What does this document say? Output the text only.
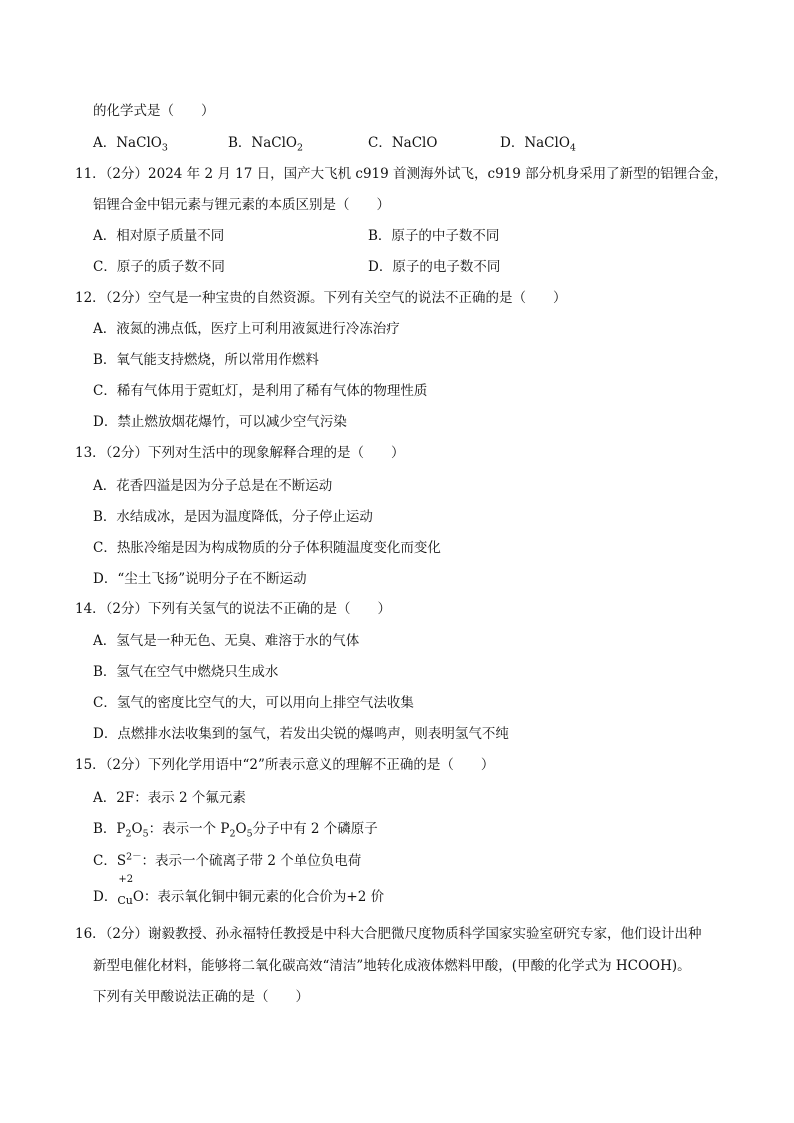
的化学式是（　　）
A．NaClO$_3$	B．NaClO$_2$	C．NaClO	D．NaClO$_4$
11．（2分）2024 年 2 月 17 日，国产大飞机 c919 首测海外试飞，c919 部分机身采用了新型的铝锂合金，
铝锂合金中铝元素与锂元素的本质区别是（　　）
A．相对原子质量不同	B．原子的中子数不同
C．原子的质子数不同	D．原子的电子数不同
12．（2分）空气是一种宝贵的自然资源。下列有关空气的说法不正确的是（　　）
A．液氮的沸点低，医疗上可利用液氮进行冷冻治疗
B．氧气能支持燃烧，所以常用作燃料
C．稀有气体用于霓虹灯，是利用了稀有气体的物理性质
D．禁止燃放烟花爆竹，可以减少空气污染
13．（2分）下列对生活中的现象解释合理的是（　　）
A．花香四溢是因为分子总是在不断运动
B．水结成冰，是因为温度降低，分子停止运动
C．热胀冷缩是因为构成物质的分子体积随温度变化而变化
D．“尘土飞扬”说明分子在不断运动
14．（2分）下列有关氢气的说法不正确的是（　　）
A．氢气是一种无色、无臭、难溶于水的气体
B．氢气在空气中燃烧只生成水
C．氢气的密度比空气的大，可以用向上排空气法收集
D．点燃排水法收集到的氢气，若发出尖锐的爆鸣声，则表明氢气不纯
15．（2分）下列化学用语中“2”所表示意义的理解不正确的是（　　）
A．2F：表示 2 个氟元素
B．$P_2O_5$：表示一个 $P_2O_5$分子中有 2 个磷原子
C．$S^{2-}$：表示一个硫离子带 2 个单位负电荷
D．
+2
$_{Cu}$O：表示氧化铜中铜元素的化合价为+2 价
16．（2分）谢毅教授、孙永福特任教授是中科大合肥微尺度物质科学国家实验室研究专家，他们设计出种
新型电催化材料，能够将二氧化碳高效“清洁”地转化成液体燃料甲酸，(甲酸的化学式为 HCOOH)。
下列有关甲酸说法正确的是（　　）
